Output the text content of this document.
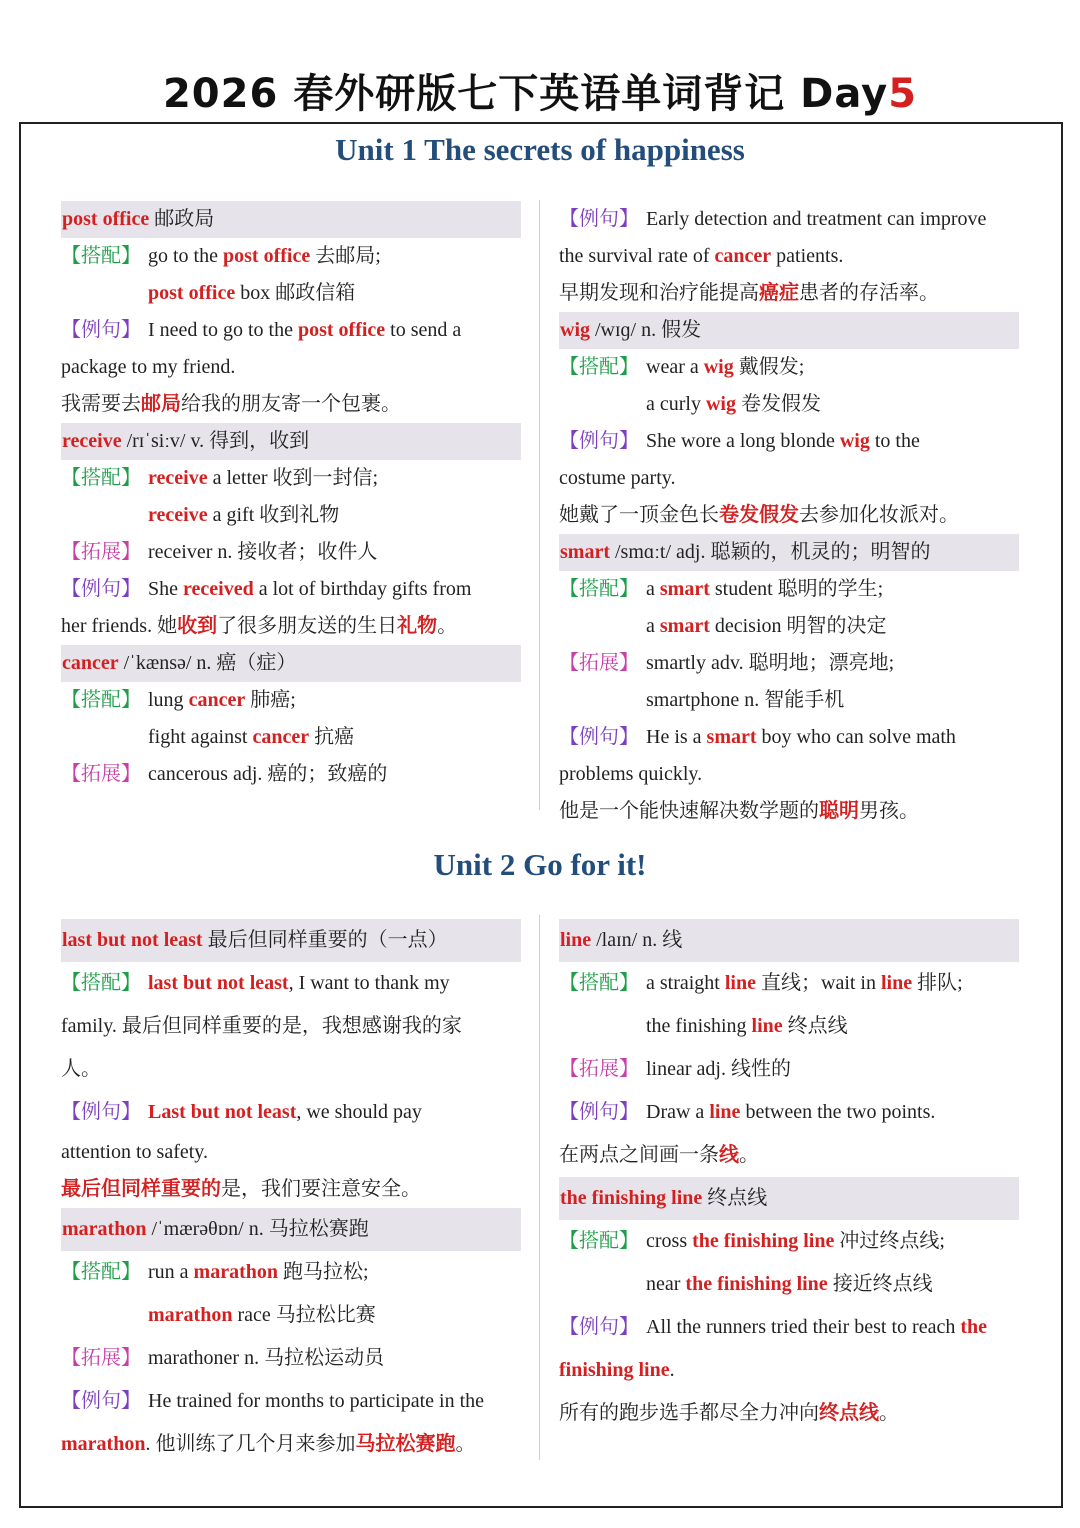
2026 春外研版七下英语单词背记 Day5
Unit 1 The secrets of happiness
post office 邮政局
【搭配】 go to the post office 去邮局;
post office box 邮政信箱
【例句】 I need to go to the post office to send a
package to my friend.
我需要去邮局给我的朋友寄一个包裹。
receive /rɪˈsiːv/ v. 得到，收到
【搭配】 receive a letter 收到一封信;
receive a gift 收到礼物
【拓展】 receiver n. 接收者；收件人
【例句】 She received a lot of birthday gifts from
her friends. 她收到了很多朋友送的生日礼物。
cancer /ˈkænsə/ n. 癌（症）
【搭配】 lung cancer 肺癌;
fight against cancer 抗癌
【拓展】 cancerous adj. 癌的；致癌的
【例句】 Early detection and treatment can improve
the survival rate of cancer patients.
早期发现和治疗能提高癌症患者的存活率。
wig /wɪɡ/ n. 假发
【搭配】 wear a wig 戴假发;
a curly wig 卷发假发
【例句】 She wore a long blonde wig to the
costume party.
她戴了一顶金色长卷发假发去参加化妆派对。
smart /smɑːt/ adj. 聪颖的，机灵的；明智的
【搭配】 a smart student 聪明的学生;
a smart decision 明智的决定
【拓展】 smartly adv. 聪明地；漂亮地;
smartphone n. 智能手机
【例句】 He is a smart boy who can solve math
problems quickly.
他是一个能快速解决数学题的聪明男孩。
Unit 2 Go for it!
last but not least 最后但同样重要的（一点）
【搭配】 last but not least, I want to thank my
family. 最后但同样重要的是，我想感谢我的家
人。
【例句】 Last but not least, we should pay
attention to safety.
最后但同样重要的是，我们要注意安全。
marathon /ˈmærəθɒn/ n. 马拉松赛跑
【搭配】 run a marathon 跑马拉松;
marathon race 马拉松比赛
【拓展】 marathoner n. 马拉松运动员
【例句】 He trained for months to participate in the
marathon. 他训练了几个月来参加马拉松赛跑。
line /laɪn/ n. 线
【搭配】 a straight line 直线；wait in line 排队;
the finishing line 终点线
【拓展】 linear adj. 线性的
【例句】 Draw a line between the two points.
在两点之间画一条线。
the finishing line 终点线
【搭配】 cross the finishing line 冲过终点线;
near the finishing line 接近终点线
【例句】 All the runners tried their best to reach the
finishing line.
所有的跑步选手都尽全力冲向终点线。
